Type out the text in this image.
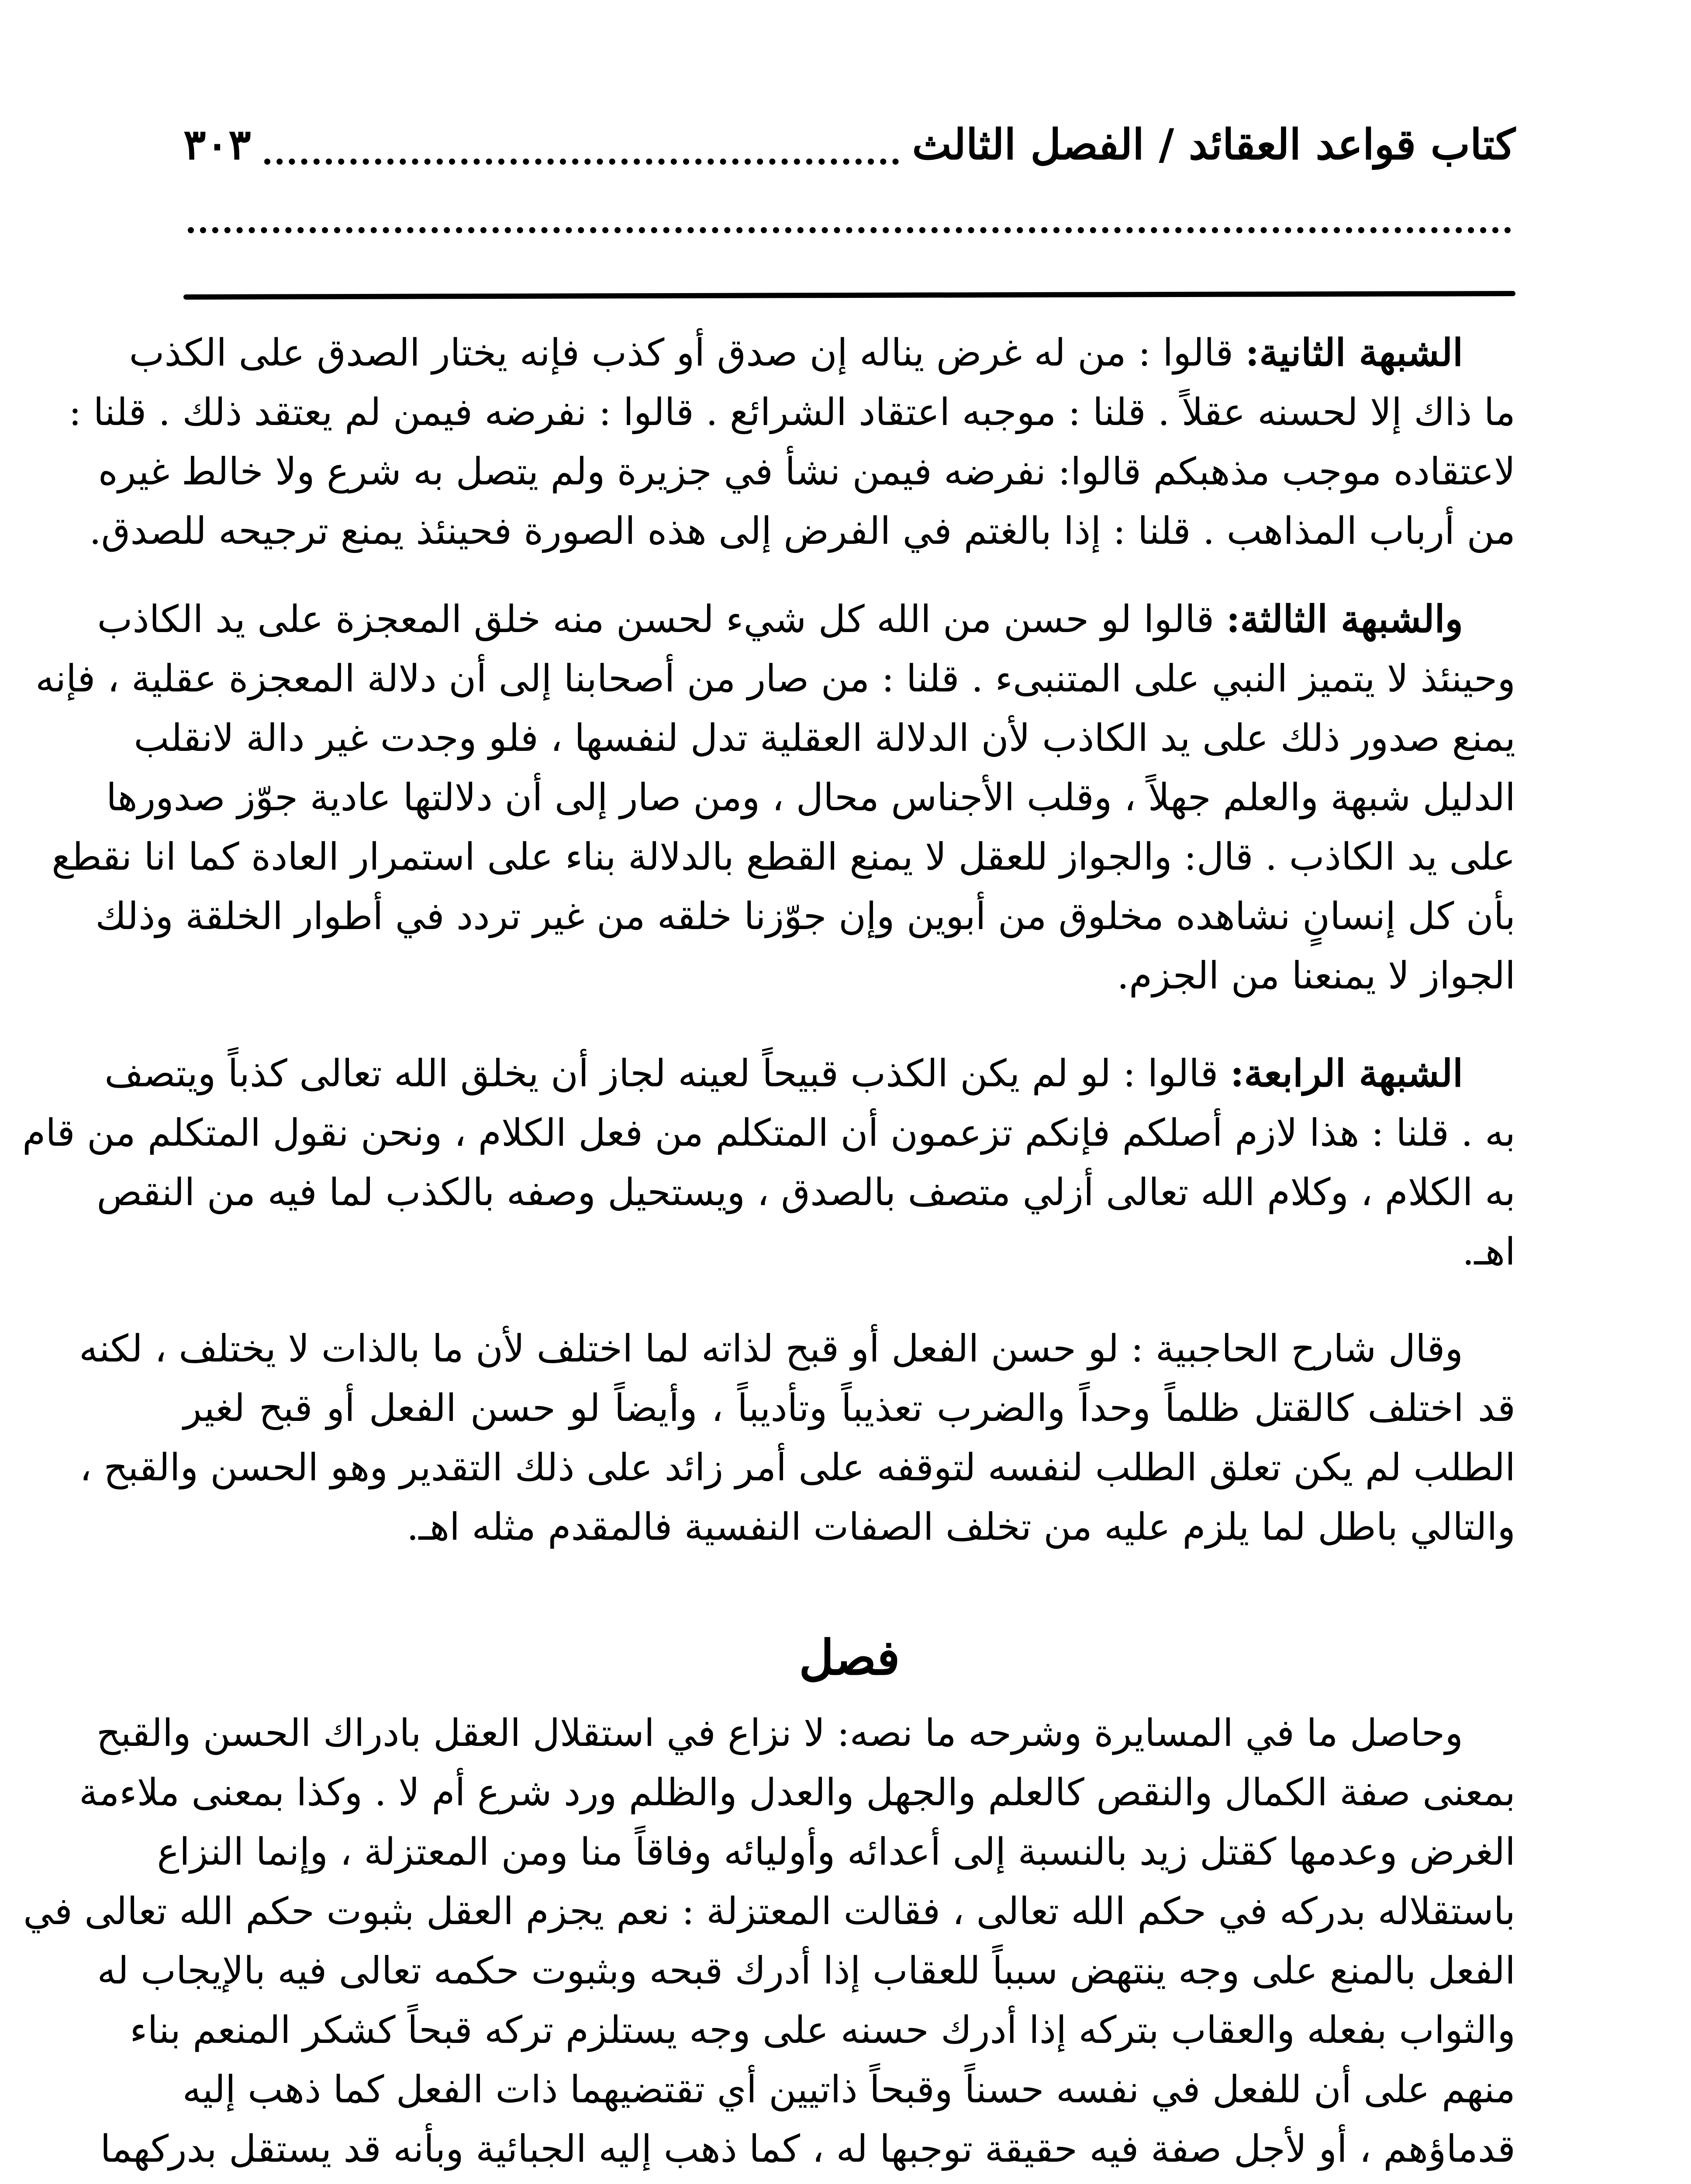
كتاب قواعد العقائد / الفصل الثالث
٣٠٣
الشبهة الثانية: قالوا : من له غرض يناله إن صدق أو كذب فإنه يختار الصدق على الكذب
ما ذاك إلا لحسنه عقلاً . قلنا : موجبه اعتقاد الشرائع . قالوا : نفرضه فيمن لم يعتقد ذلك . قلنا :
لاعتقاده موجب مذهبكم قالوا: نفرضه فيمن نشأ في جزيرة ولم يتصل به شرع ولا خالط غيره
من أرباب المذاهب . قلنا : إذا بالغتم في الفرض إلى هذه الصورة فحينئذ يمنع ترجيحه للصدق.
والشبهة الثالثة: قالوا لو حسن من الله كل شيء لحسن منه خلق المعجزة على يد الكاذب
وحينئذ لا يتميز النبي على المتنبىء . قلنا : من صار من أصحابنا إلى أن دلالة المعجزة عقلية ، فإنه
يمنع صدور ذلك على يد الكاذب لأن الدلالة العقلية تدل لنفسها ، فلو وجدت غير دالة لانقلب
الدليل شبهة والعلم جهلاً ، وقلب الأجناس محال ، ومن صار إلى أن دلالتها عادية جوّز صدورها
على يد الكاذب . قال: والجواز للعقل لا يمنع القطع بالدلالة بناء على استمرار العادة كما انا نقطع
بأن كل إنسانٍ نشاهده مخلوق من أبوين وإن جوّزنا خلقه من غير تردد في أطوار الخلقة وذلك
الجواز لا يمنعنا من الجزم.
الشبهة الرابعة: قالوا : لو لم يكن الكذب قبيحاً لعينه لجاز أن يخلق الله تعالى كذباً ويتصف
به . قلنا : هذا لازم أصلكم فإنكم تزعمون أن المتكلم من فعل الكلام ، ونحن نقول المتكلم من قام
به الكلام ، وكلام الله تعالى أزلي متصف بالصدق ، ويستحيل وصفه بالكذب لما فيه من النقص
اهـ.
وقال شارح الحاجبية : لو حسن الفعل أو قبح لذاته لما اختلف لأن ما بالذات لا يختلف ، لكنه
قد اختلف كالقتل ظلماً وحداً والضرب تعذيباً وتأديباً ، وأيضاً لو حسن الفعل أو قبح لغير
الطلب لم يكن تعلق الطلب لنفسه لتوقفه على أمر زائد على ذلك التقدير وهو الحسن والقبح ،
والتالي باطل لما يلزم عليه من تخلف الصفات النفسية فالمقدم مثله اهـ.
فصل
وحاصل ما في المسايرة وشرحه ما نصه: لا نزاع في استقلال العقل بادراك الحسن والقبح
بمعنى صفة الكمال والنقص كالعلم والجهل والعدل والظلم ورد شرع أم لا . وكذا بمعنى ملاءمة
الغرض وعدمها كقتل زيد بالنسبة إلى أعدائه وأوليائه وفاقاً منا ومن المعتزلة ، وإنما النزاع
باستقلاله بدركه في حكم الله تعالى ، فقالت المعتزلة : نعم يجزم العقل بثبوت حكم الله تعالى في
الفعل بالمنع على وجه ينتهض سبباً للعقاب إذا أدرك قبحه وبثبوت حكمه تعالى فيه بالإيجاب له
والثواب بفعله والعقاب بتركه إذا أدرك حسنه على وجه يستلزم تركه قبحاً كشكر المنعم بناء
منهم على أن للفعل في نفسه حسناً وقبحاً ذاتيين أي تقتضيهما ذات الفعل كما ذهب إليه
قدماؤهم ، أو لأجل صفة فيه حقيقة توجبها له ، كما ذهب إليه الجبائية وبأنه قد يستقل بدركهما
